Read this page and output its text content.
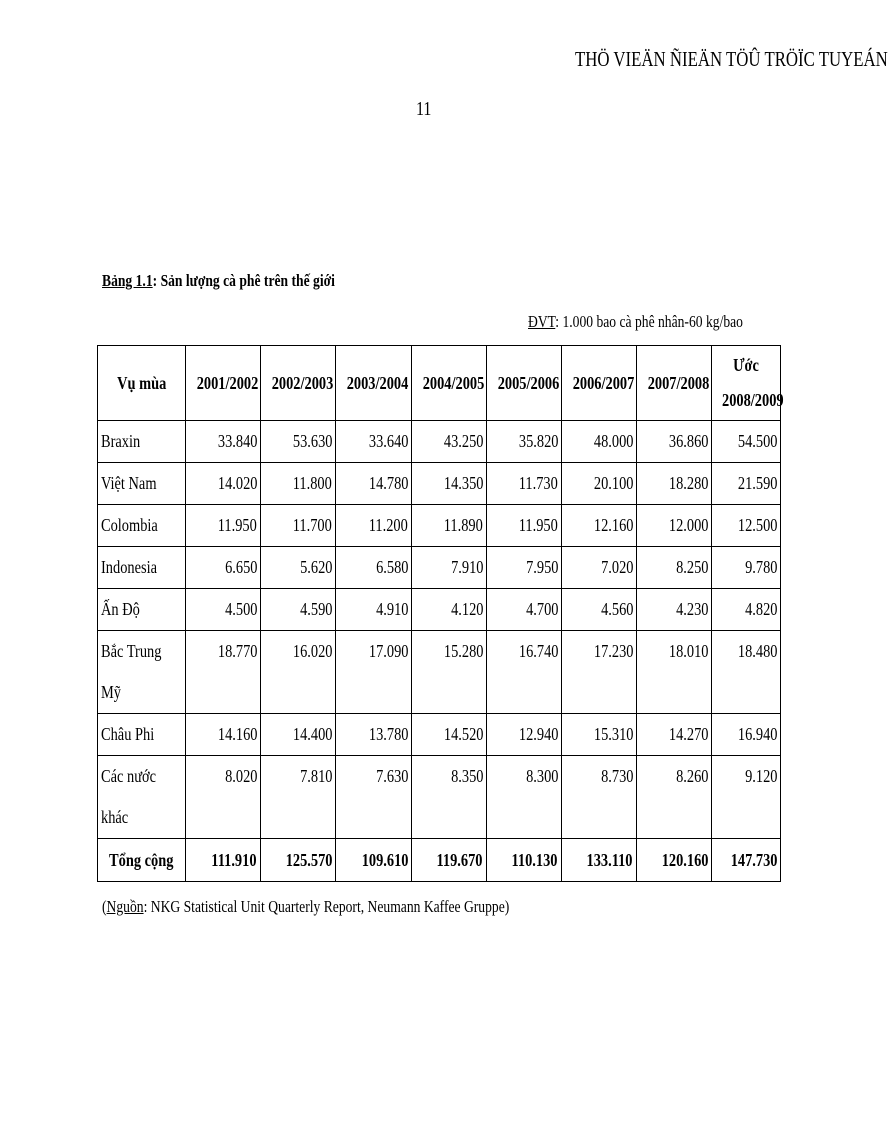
THÖ VIEÄN ÑIEÄN TÖÛ TRÖÏC TUYEÁN
11
Bảng 1.1: Sản lượng cà phê trên thế giới
ĐVT: 1.000 bao cà phê nhân-60 kg/bao
Vụ mùa	2001/2002	2002/2003	2003/2004	2004/2005	2005/2006	2006/2007	2007/2008	Ước 2008/2009
Braxin	33.840	53.630	33.640	43.250	35.820	48.000	36.860	54.500
Việt Nam	14.020	11.800	14.780	14.350	11.730	20.100	18.280	21.590
Colombia	11.950	11.700	11.200	11.890	11.950	12.160	12.000	12.500
Indonesia	6.650	5.620	6.580	7.910	7.950	7.020	8.250	9.780
Ấn Độ	4.500	4.590	4.910	4.120	4.700	4.560	4.230	4.820
Bắc Trung Mỹ	18.770	16.020	17.090	15.280	16.740	17.230	18.010	18.480
Châu Phi	14.160	14.400	13.780	14.520	12.940	15.310	14.270	16.940
Các nước khác	8.020	7.810	7.630	8.350	8.300	8.730	8.260	9.120
Tổng cộng	111.910	125.570	109.610	119.670	110.130	133.110	120.160	147.730
(Nguồn: NKG Statistical Unit Quarterly Report, Neumann Kaffee Gruppe)
